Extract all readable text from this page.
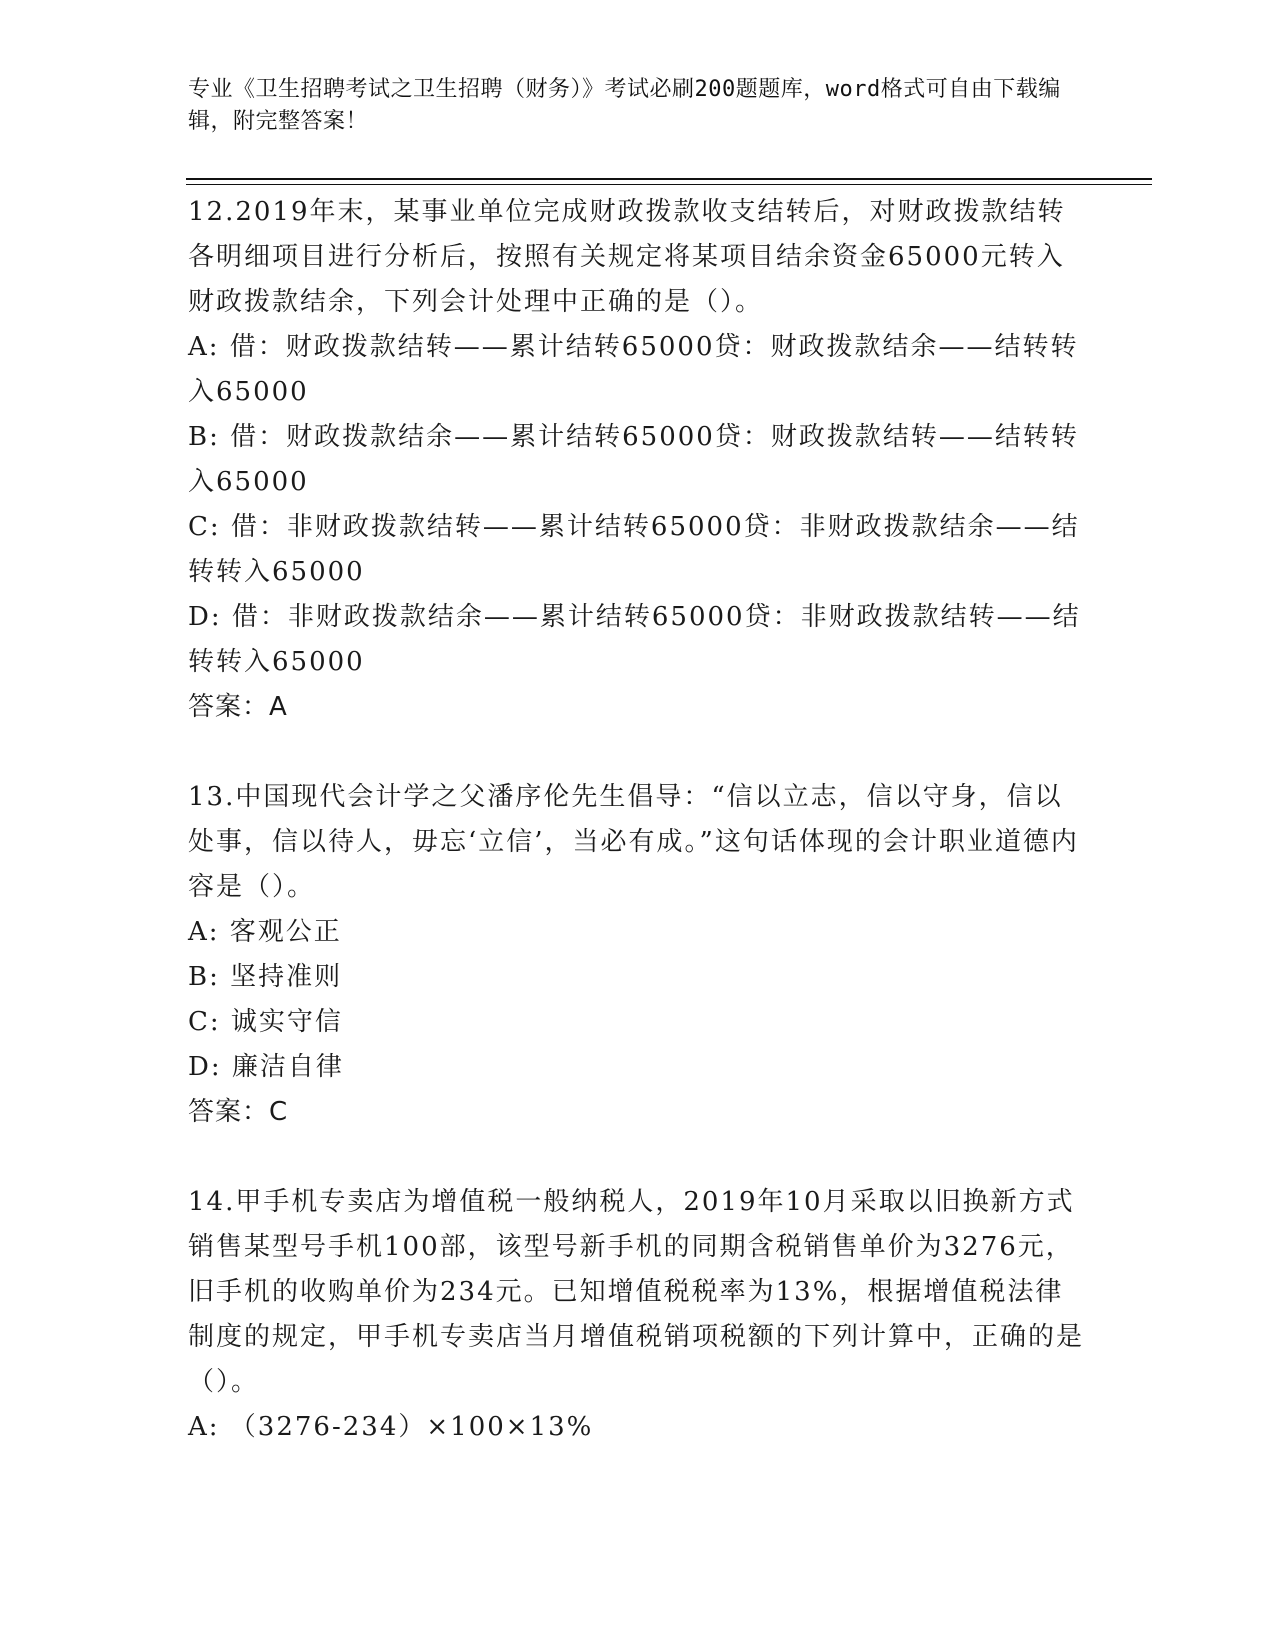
专业《卫生招聘考试之卫生招聘（财务）》考试必刷200题题库，word格式可自由下载编辑，附完整答案！

12.2019年末，某事业单位完成财政拨款收支结转后，对财政拨款结转各明细项目进行分析后，按照有关规定将某项目结余资金65000元转入财政拨款结余，下列会计处理中正确的是（）。

A: 借：财政拨款结转——累计结转65000贷：财政拨款结余——结转转入65000

B: 借：财政拨款结余——累计结转65000贷：财政拨款结转——结转转入65000

C: 借：非财政拨款结转——累计结转65000贷：非财政拨款结余——结转转入65000

D: 借：非财政拨款结余——累计结转65000贷：非财政拨款结转——结转转入65000

答案：A

13.中国现代会计学之父潘序伦先生倡导：“信以立志，信以守身，信以处事，信以待人，毋忘‘立信’，当必有成。”这句话体现的会计职业道德内容是（）。

A: 客观公正

B: 坚持准则

C: 诚实守信

D: 廉洁自律

答案：C

14.甲手机专卖店为增值税一般纳税人，2019年10月采取以旧换新方式销售某型号手机100部，该型号新手机的同期含税销售单价为3276元，旧手机的收购单价为234元。已知增值税税率为13%，根据增值税法律制度的规定，甲手机专卖店当月增值税销项税额的下列计算中，正确的是（）。

A: （3276-234）×100×13%
